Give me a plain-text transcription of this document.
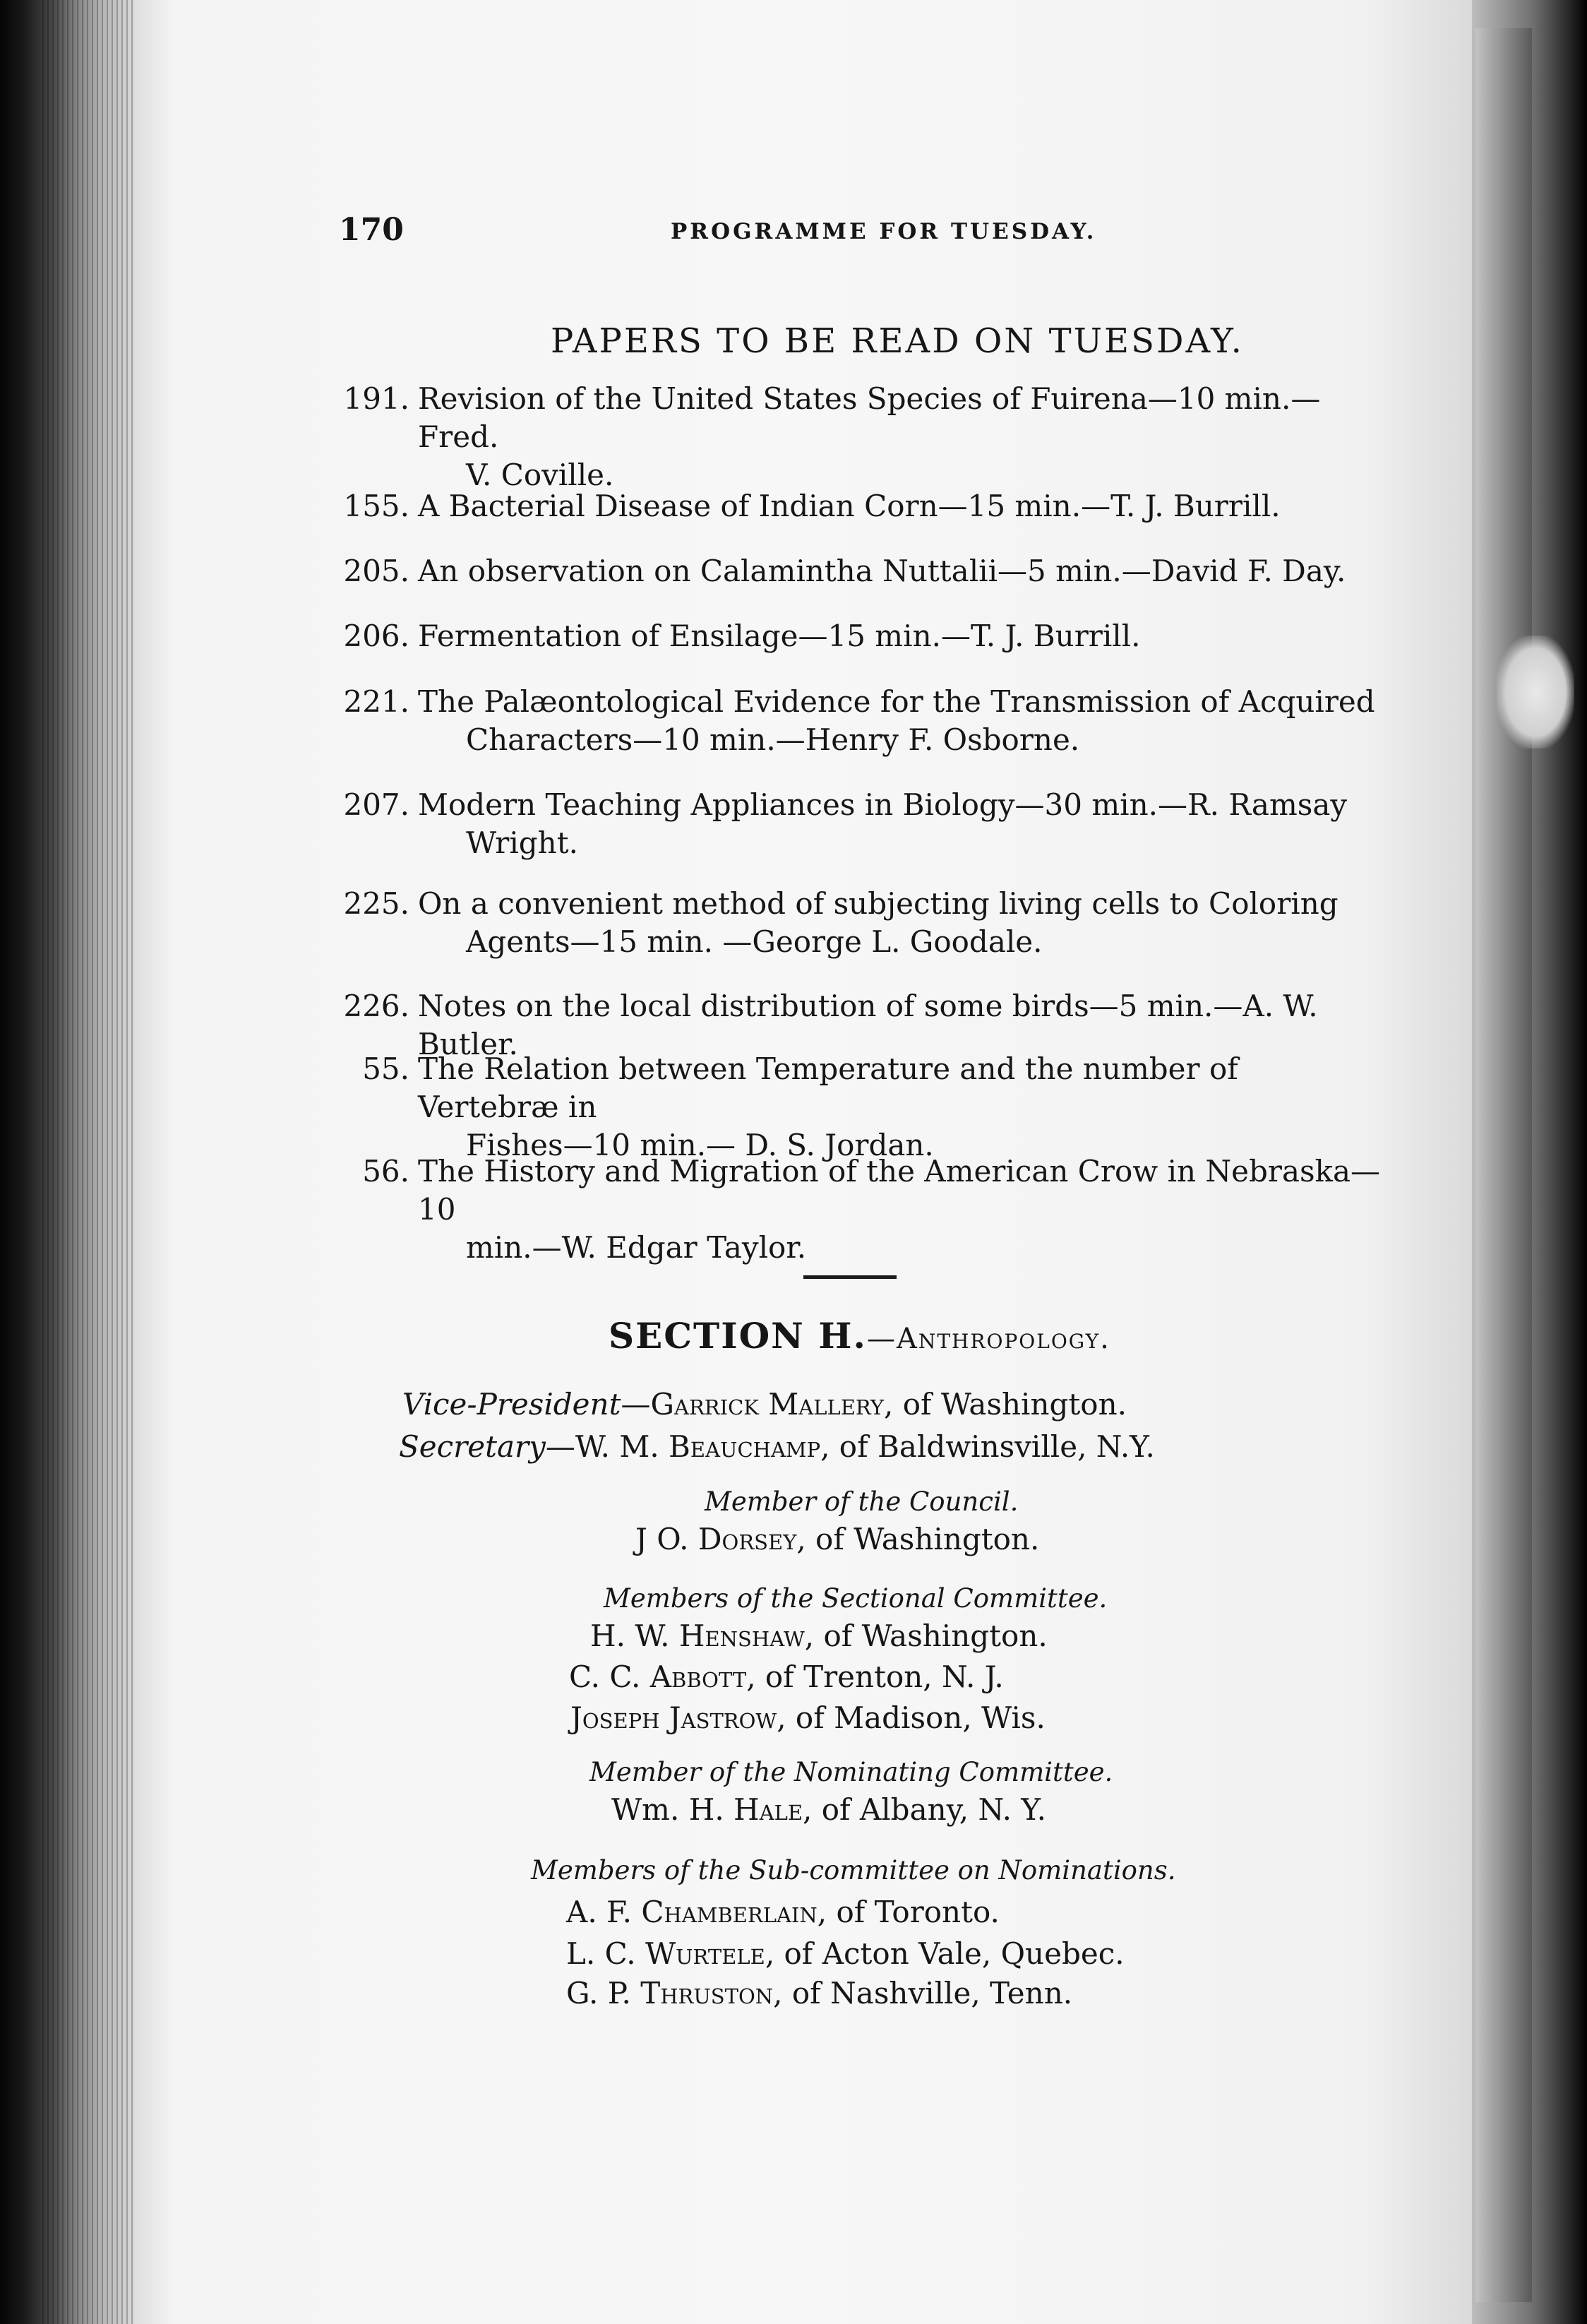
170	PROGRAMME FOR TUESDAY.
PAPERS TO BE READ ON TUESDAY.
191. Revision of the United States Species of Fuirena—10 min.—Fred.
V. Coville.
155. A Bacterial Disease of Indian Corn—15 min.—T. J. Burrill.
205. An observation on Calamintha Nuttalii—5 min.—David F. Day.
206. Fermentation of Ensilage—15 min.—T. J. Burrill.
221. The Palæontological Evidence for the Transmission of Acquired
Characters—10 min.—Henry F. Osborne.
207. Modern Teaching Appliances in Biology—30 min.—R. Ramsay
Wright.
225. On a convenient method of subjecting living cells to Coloring
Agents—15 min. —George L. Goodale.
226. Notes on the local distribution of some birds—5 min.—A. W. Butler.
55. The Relation between Temperature and the number of Vertebræ in
Fishes—10 min.— D. S. Jordan.
56. The History and Migration of the American Crow in Nebraska—10
min.—W. Edgar Taylor.
SECTION H.—Anthropology.
Vice-President—Garrick Mallery, of Washington.
Secretary—W. M. Beauchamp, of Baldwinsville, N.Y.
Member of the Council.
J O. Dorsey, of Washington.
Members of the Sectional Committee.
H. W. Henshaw, of Washington.
C. C. Abbott, of Trenton, N. J.
Joseph Jastrow, of Madison, Wis.
Member of the Nominating Committee.
Wm. H. Hale, of Albany, N. Y.
Members of the Sub-committee on Nominations.
A. F. Chamberlain, of Toronto.
L. C. Wurtele, of Acton Vale, Quebec.
G. P. Thruston, of Nashville, Tenn.
